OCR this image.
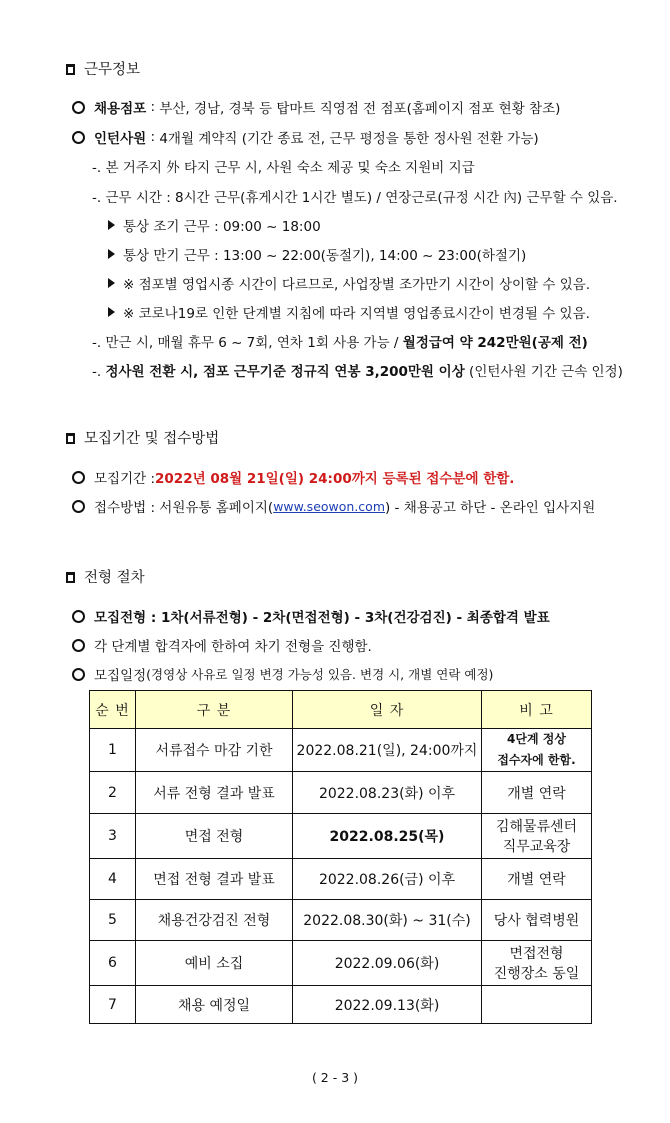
근무정보
채용점포 : 부산, 경남, 경북 등 탑마트 직영점 전 점포(홈페이지 점포 현황 참조)
인턴사원 : 4개월 계약직 (기간 종료 전, 근무 평정을 통한 정사원 전환 가능)
-. 본 거주지 外 타지 근무 시, 사원 숙소 제공 및 숙소 지원비 지급
-. 근무 시간 : 8시간 근무(휴게시간 1시간 별도) / 연장근로(규정 시간 內) 근무할 수 있음.
통상 조기 근무 : 09:00 ~ 18:00
통상 만기 근무 : 13:00 ~ 22:00(동절기), 14:00 ~ 23:00(하절기)
※ 점포별 영업시종 시간이 다르므로, 사업장별 조가만기 시간이 상이할 수 있음.
※ 코로나19로 인한 단계별 지침에 따라 지역별 영업종료시간이 변경될 수 있음.
-. 만근 시, 매월 휴무 6 ~ 7회, 연차 1회 사용 가능 / 월정급여 약 242만원(공제 전)
-. 정사원 전환 시, 점포 근무기준 정규직 연봉 3,200만원 이상 (인턴사원 기간 근속 인정)
모집기간 및 접수방법
모집기간 : 2022년 08월 21일(일) 24:00까지 등록된 접수분에 한함.
접수방법 : 서원유통 홈페이지( www.seowon.com ) - 채용공고 하단 - 온라인 입사지원
전형 절차
모집전형 : 1차(서류전형) - 2차(면접전형) - 3차(건강검진) - 최종합격 발표
각 단계별 합격자에 한하여 차기 전형을 진행함.
모집일정 (경영상 사유로 일정 변경 가능성 있음. 변경 시, 개별 연락 예정)
순 번	구 분	일 자	비 고
1	서류접수 마감 기한	2022.08.21(일), 24:00까지	4단계 정상
접수자에 한함.

2	서류 전형 결과 발표	2022.08.23(화) 이후	개별 연락
3	면접 전형	2022.08.25(목)	김해물류센터
직무교육장

4	면접 전형 결과 발표	2022.08.26(금) 이후	개별 연락
5	채용건강검진 전형	2022.08.30(화) ~ 31(수)	당사 협력병원
6	예비 소집	2022.09.06(화)	면접전형
진행장소 동일

7	채용 예정일	2022.09.13(화)	
( 2 - 3 )
